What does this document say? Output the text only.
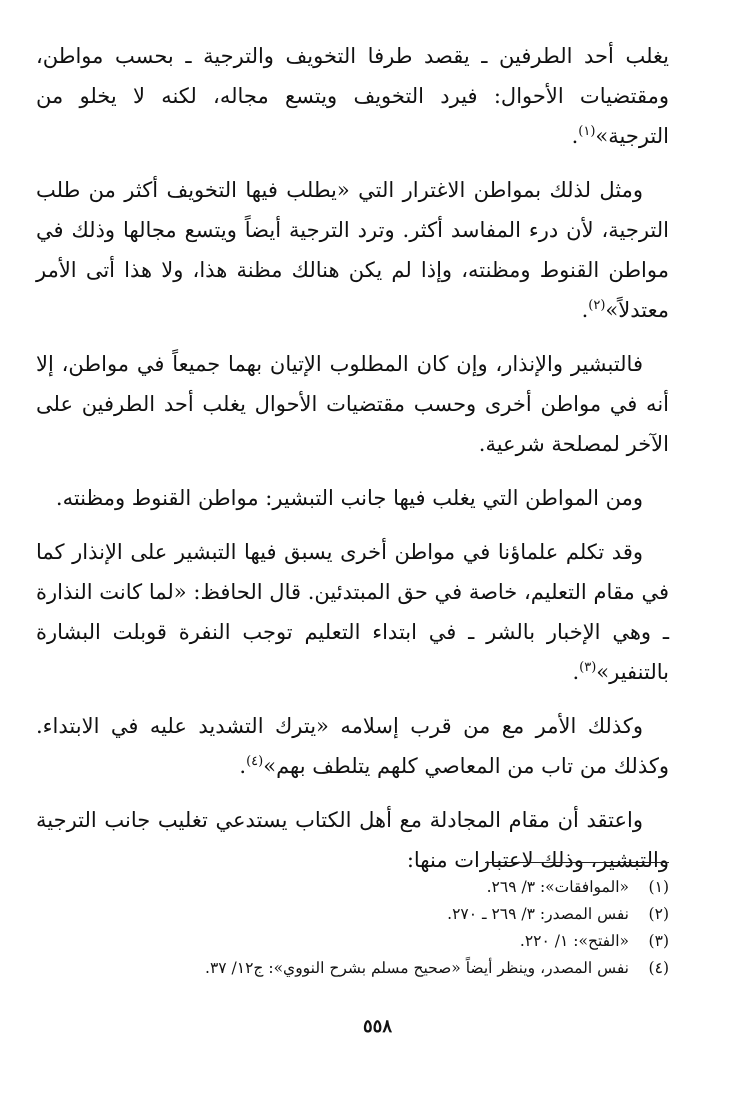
يغلب أحد الطرفين ـ يقصد طرفا التخويف والترجية ـ بحسب مواطن، ومقتضيات الأحوال: فيرد التخويف ويتسع مجاله، لكنه لا يخلو من الترجية»$^{(١)}$.

ومثل لذلك بمواطن الاغترار التي «يطلب فيها التخويف أكثر من طلب الترجية، لأن درء المفاسد أكثر. وترد الترجية أيضاً ويتسع مجالها وذلك في مواطن القنوط ومظنته، وإذا لم يكن هنالك مظنة هذا، ولا هذا أتى الأمر معتدلاً»$^{(٢)}$.

فالتبشير والإنذار، وإن كان المطلوب الإتيان بهما جميعاً في مواطن، إلا أنه في مواطن أخرى وحسب مقتضيات الأحوال يغلب أحد الطرفين على الآخر لمصلحة شرعية.

ومن المواطن التي يغلب فيها جانب التبشير: مواطن القنوط ومظنته.

وقد تكلم علماؤنا في مواطن أخرى يسبق فيها التبشير على الإنذار كما في مقام التعليم، خاصة في حق المبتدئين. قال الحافظ: «لما كانت النذارة ـ وهي الإخبار بالشر ـ في ابتداء التعليم توجب النفرة قوبلت البشارة بالتنفير»$^{(٣)}$.

وكذلك الأمر مع من قرب إسلامه «يترك التشديد عليه في الابتداء. وكذلك من تاب من المعاصي كلهم يتلطف بهم»$^{(٤)}$.

واعتقد أن مقام المجادلة مع أهل الكتاب يستدعي تغليب جانب الترجية والتبشير، وذلك لاعتبارات منها:

(١)
«الموافقات»: ٣/ ٢٦٩.
(٢)
نفس المصدر: ٣/ ٢٦٩ ـ ٢٧٠.
(٣)
«الفتح»: ١/ ٢٢٠.
(٤)
نفس المصدر، وينظر أيضاً «صحيح مسلم بشرح النووي»: ج١٢/ ٣٧.
٥٥٨
